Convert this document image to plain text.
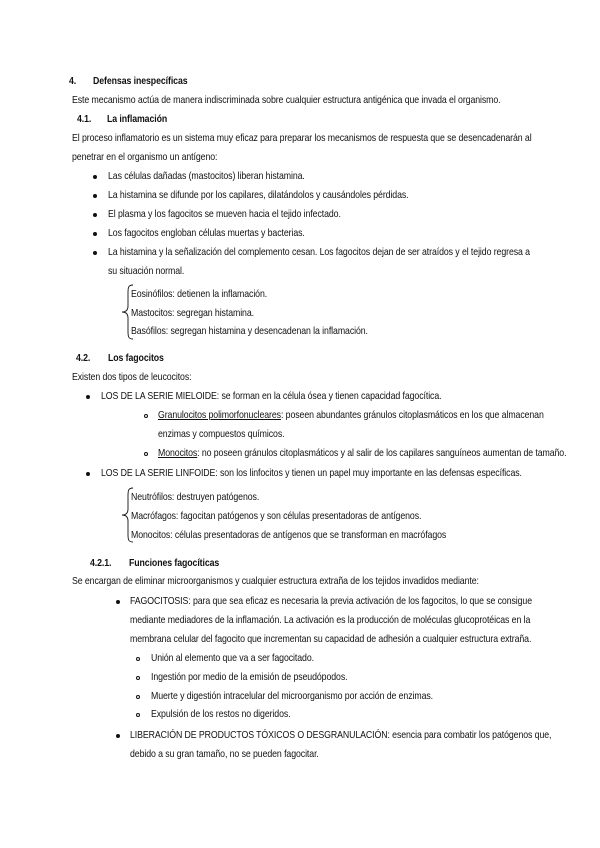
4. Defensas inespecíficas
Este mecanismo actúa de manera indiscriminada sobre cualquier estructura antigénica que invada el organismo.
4.1. La inflamación
El proceso inflamatorio es un sistema muy eficaz para preparar los mecanismos de respuesta que se desencadenarán al
penetrar en el organismo un antígeno:
Las células dañadas (mastocitos) liberan histamina.
La histamina se difunde por los capilares, dilatándolos y causándoles pérdidas.
El plasma y los fagocitos se mueven hacia el tejido infectado.
Los fagocitos engloban células muertas y bacterias.
La histamina y la señalización del complemento cesan. Los fagocitos dejan de ser atraídos y el tejido regresa a
su situación normal.
Eosinófilos: detienen la inflamación.
Mastocitos: segregan histamina.
Basófilos: segregan histamina y desencadenan la inflamación.
4.2. Los fagocitos
Existen dos tipos de leucocitos:
LOS DE LA SERIE MIELOIDE: se forman en la célula ósea y tienen capacidad fagocítica.
Granulocitos polimorfonucleares: poseen abundantes gránulos citoplasmáticos en los que almacenan
enzimas y compuestos químicos.
Monocitos: no poseen gránulos citoplasmáticos y al salir de los capilares sanguíneos aumentan de tamaño.
LOS DE LA SERIE LINFOIDE: son los linfocitos y tienen un papel muy importante en las defensas específicas.
Neutrófilos: destruyen patógenos.
Macrófagos: fagocitan patógenos y son células presentadoras de antígenos.
Monocitos: células presentadoras de antígenos que se transforman en macrófagos
4.2.1. Funciones fagocíticas
Se encargan de eliminar microorganismos y cualquier estructura extraña de los tejidos invadidos mediante:
FAGOCITOSIS: para que sea eficaz es necesaria la previa activación de los fagocitos, lo que se consigue
mediante mediadores de la inflamación. La activación es la producción de moléculas glucoprotéicas en la
membrana celular del fagocito que incrementan su capacidad de adhesión a cualquier estructura extraña.
Unión al elemento que va a ser fagocitado.
Ingestión por medio de la emisión de pseudópodos.
Muerte y digestión intracelular del microorganismo por acción de enzimas.
Expulsión de los restos no digeridos.
LIBERACIÓN DE PRODUCTOS TÓXICOS O DESGRANULACIÓN: esencia para combatir los patógenos que,
debido a su gran tamaño, no se pueden fagocitar.
